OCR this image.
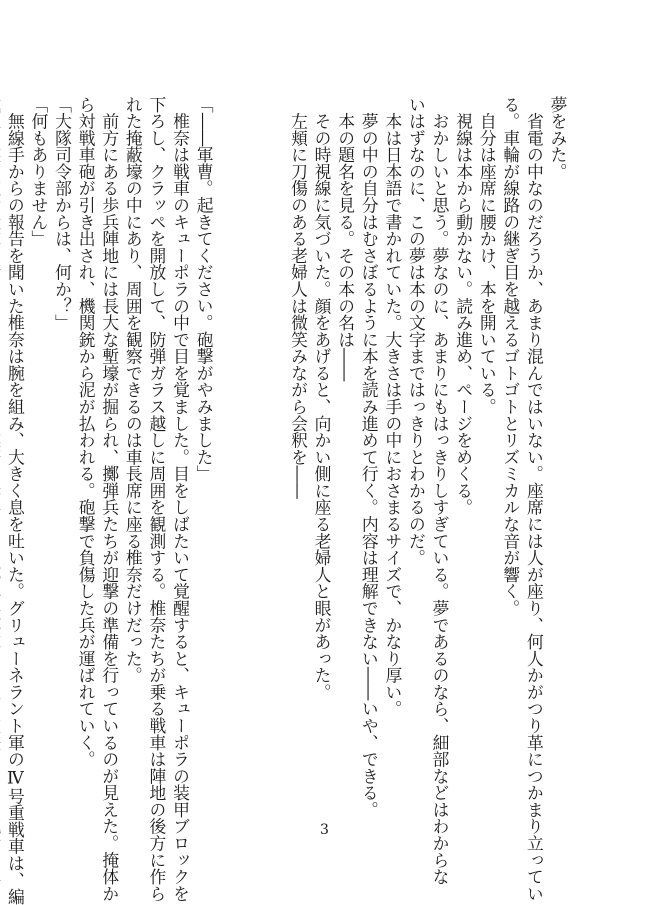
夢をみた。
　省電の中なのだろうか、あまり混んではいない。座席には人が座り、何人かがつり革につかまり立ってい
る。車輪が線路の継ぎ目を越えるゴトゴトとリズミカルな音が響く。
　自分は座席に腰かけ、本を開いている。
　視線は本から動かない。読み進め、ページをめくる。
　おかしいと思う。夢なのに、あまりにもはっきりしすぎている。夢であるのなら、細部などはわからな
いはずなのに、この夢は本の文字まではっきりとわかるのだ。
　本は日本語で書かれていた。大きさは手の中におさまるサイズで、かなり厚い。
　夢の中の自分はむさぼるように本を読み進めて行く。内容は理解できない――いや、できる。
　本の題名を見る。その本の名は――
　その時視線に気づいた。顔をあげると、向かい側に座る老婦人と眼があった。
　左頬に刀傷のある老婦人は微笑みながら会釈を――
「――軍曹。起きてください。砲撃がやみました」
　椎奈は戦車のキューポラの中で目を覚ました。目をしばたいて覚醒すると、キューポラの装甲ブロックを
下ろし、クラッペを開放して、防弾ガラス越しに周囲を観測する。椎奈たちが乗る戦車は陣地の後方に作ら
れた掩蔽壕の中にあり、周囲を観察できるのは車長席に座る椎奈だけだった。
　前方にある歩兵陣地には長大な塹壕が掘られ、擲弾兵たちが迎撃の準備を行っているのが見えた。掩体か
ら対戦車砲が引き出され、機関銃から泥が払われる。砲撃で負傷した兵が運ばれていく。
「大隊司令部からは、何か？」
「何もありません」
　無線手からの報告を聞いた椎奈は腕を組み、大きく息を吐いた。グリューネラント軍のⅣ号重戦車は、編	3
